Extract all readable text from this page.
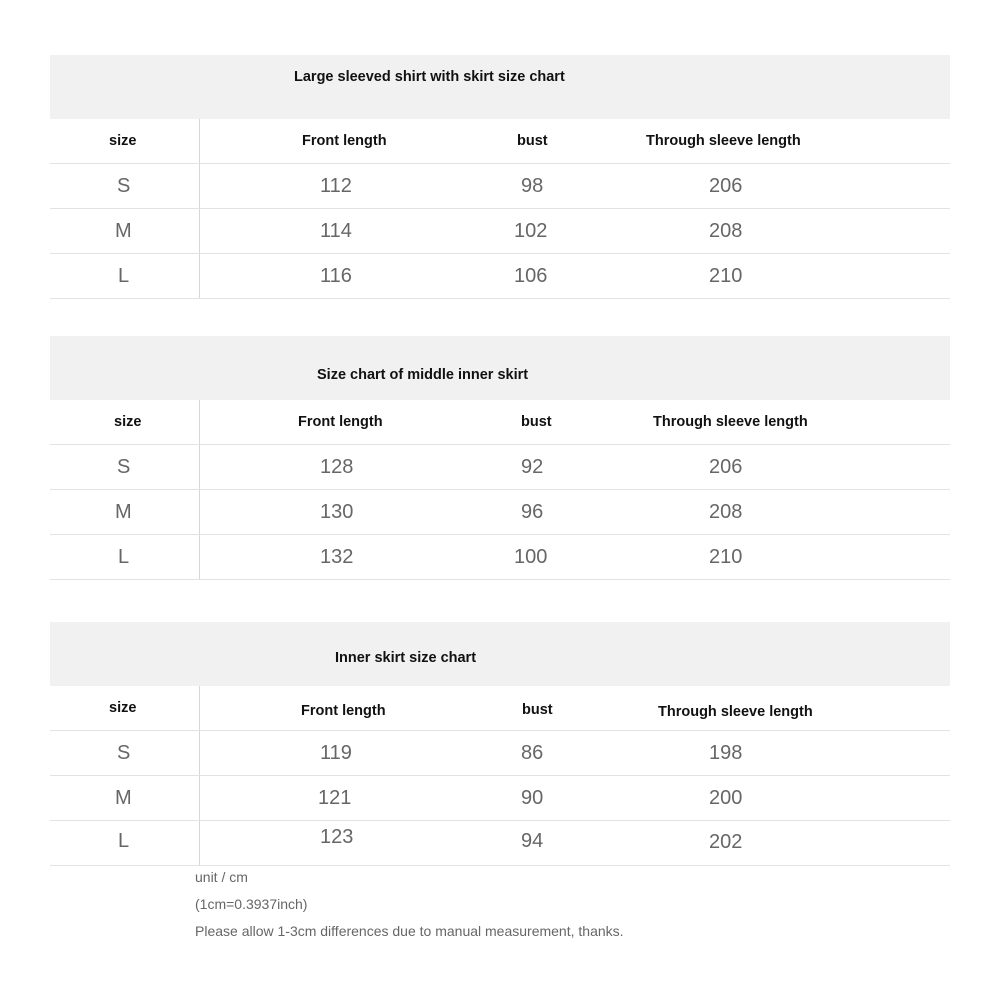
Large sleeved shirt with skirt size chart
size	Front length	bust	Through sleeve length
S	112	98	206
M	114	102	208
L	116	106	210
Size chart of middle inner skirt
size	Front length	bust	Through sleeve length
S	128	92	206
M	130	96	208
L	132	100	210
Inner skirt size chart
size	Front length	bust	Through sleeve length
S	119	86	198
M	121	90	200
L	123	94	202
unit / cm
(1cm=0.3937inch)
Please allow 1-3cm differences due to manual measurement, thanks.
